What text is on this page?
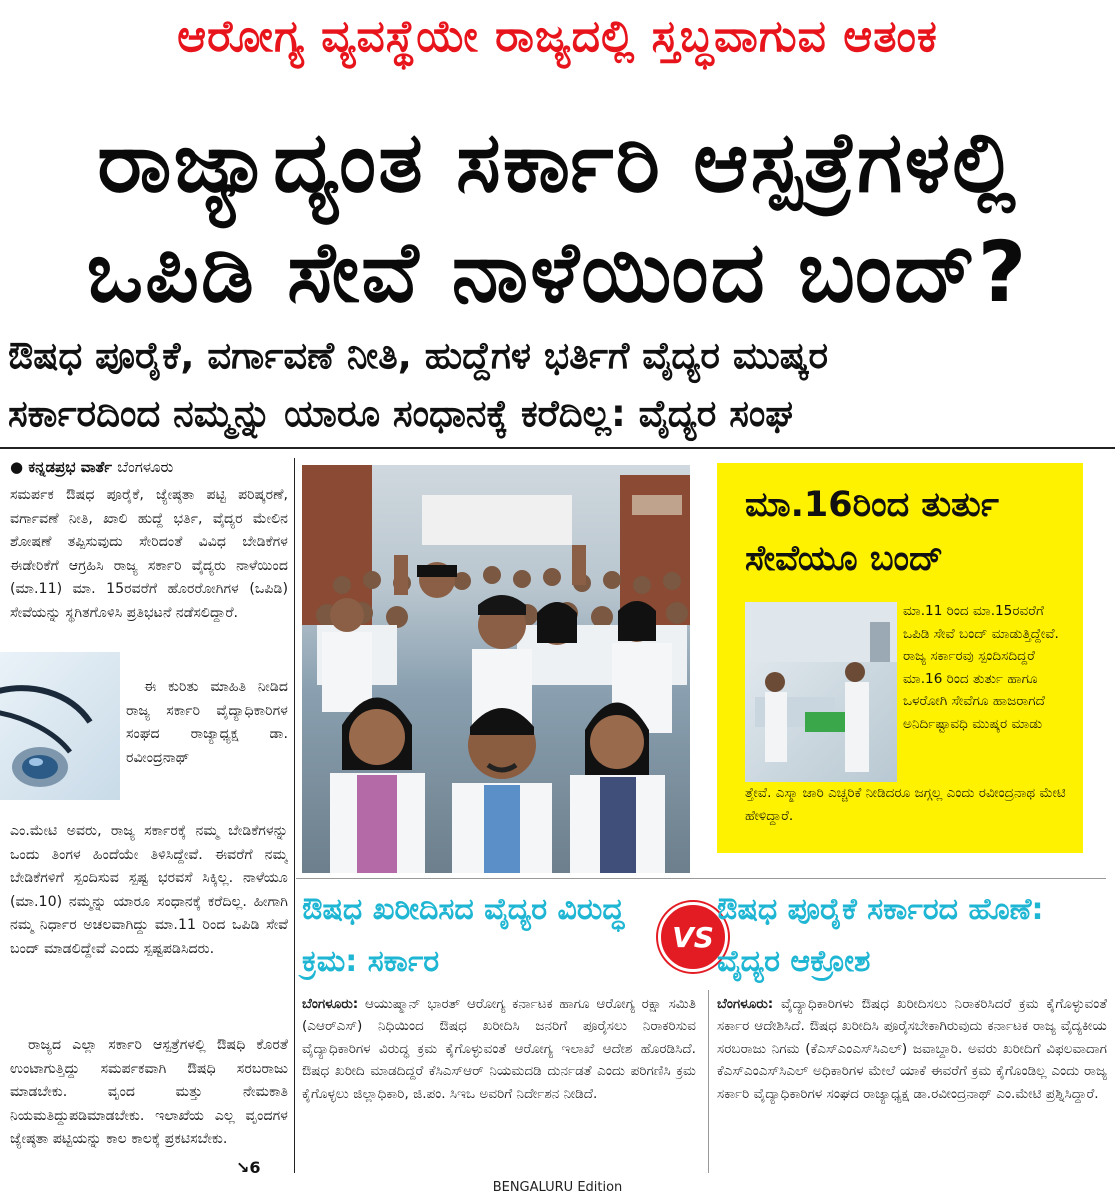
ಆರೋಗ್ಯ ವ್ಯವಸ್ಥೆಯೇ ರಾಜ್ಯದಲ್ಲಿ ಸ್ತಬ್ಧವಾಗುವ ಆತಂಕ
ರಾಜ್ಯಾದ್ಯಂತ ಸರ್ಕಾರಿ ಆಸ್ಪತ್ರೆಗಳಲ್ಲಿ
ಒಪಿಡಿ ಸೇವೆ ನಾಳೆಯಿಂದ ಬಂದ್?
ಔಷಧ ಪೂರೈಕೆ, ವರ್ಗಾವಣೆ ನೀತಿ, ಹುದ್ದೆಗಳ ಭರ್ತಿಗೆ ವೈದ್ಯರ ಮುಷ್ಕರ
ಸರ್ಕಾರದಿಂದ ನಮ್ಮನ್ನು ಯಾರೂ ಸಂಧಾನಕ್ಕೆ ಕರೆದಿಲ್ಲ: ವೈದ್ಯರ ಸಂಘ
● ಕನ್ನಡಪ್ರಭ ವಾರ್ತೆ ಬೆಂಗಳೂರು

ಸಮರ್ಪಕ ಔಷಧ ಪೂರೈಕೆ, ಜ್ಯೇಷ್ಠತಾ ಪಟ್ಟಿ ಪರಿಷ್ಕರಣೆ, ವರ್ಗಾವಣೆ ನೀತಿ, ಖಾಲಿ ಹುದ್ದೆ ಭರ್ತಿ, ವೈದ್ಯರ ಮೇಲಿನ ಶೋಷಣೆ ತಪ್ಪಿಸುವುದು ಸೇರಿದಂತೆ ವಿವಿಧ ಬೇಡಿಕೆಗಳ ಈಡೇರಿಕೆಗೆ ಆಗ್ರಹಿಸಿ ರಾಜ್ಯ ಸರ್ಕಾರಿ ವೈದ್ಯರು ನಾಳೆಯಿಂದ (ಮಾ.11) ಮಾ. 15ರವರೆಗೆ ಹೊರರೋಗಿಗಳ (ಒಪಿಡಿ) ಸೇವೆಯನ್ನು ಸ್ಥಗಿತಗೊಳಿಸಿ ಪ್ರತಿಭಟನೆ ನಡೆಸಲಿದ್ದಾರೆ.

ಈ ಕುರಿತು ಮಾಹಿತಿ ನೀಡಿದ ರಾಜ್ಯ ಸರ್ಕಾರಿ ವೈದ್ಯಾಧಿಕಾರಿಗಳ ಸಂಘದ ರಾಜ್ಯಾಧ್ಯಕ್ಷ ಡಾ. ರವೀಂದ್ರನಾಥ್

ಎಂ.ಮೇಟಿ ಅವರು, ರಾಜ್ಯ ಸರ್ಕಾರಕ್ಕೆ ನಮ್ಮ ಬೇಡಿಕೆಗಳನ್ನು ಒಂದು ತಿಂಗಳ ಹಿಂದೆಯೇ ತಿಳಿಸಿದ್ದೇವೆ. ಈವರೆಗೆ ನಮ್ಮ ಬೇಡಿಕೆಗಳಿಗೆ ಸ್ಪಂದಿಸುವ ಸ್ಪಷ್ಟ ಭರವಸೆ ಸಿಕ್ಕಿಲ್ಲ. ನಾಳೆಯೂ (ಮಾ.10) ನಮ್ಮನ್ನು ಯಾರೂ ಸಂಧಾನಕ್ಕೆ ಕರೆದಿಲ್ಲ. ಹೀಗಾಗಿ ನಮ್ಮ ನಿರ್ಧಾರ ಅಚಲವಾಗಿದ್ದು ಮಾ.11 ರಿಂದ ಒಪಿಡಿ ಸೇವೆ ಬಂದ್ ಮಾಡಲಿದ್ದೇವೆ ಎಂದು ಸ್ಪಷ್ಟಪಡಿಸಿದರು.

ರಾಜ್ಯದ ಎಲ್ಲಾ ಸರ್ಕಾರಿ ಆಸ್ಪತ್ರೆಗಳಲ್ಲಿ ಔಷಧಿ ಕೊರತೆ ಉಂಟಾಗುತ್ತಿದ್ದು ಸಮರ್ಪಕವಾಗಿ ಔಷಧಿ ಸರಬರಾಜು ಮಾಡಬೇಕು. ವೃಂದ ಮತ್ತು ನೇಮಕಾತಿ ನಿಯಮತಿದ್ದುಪಡಿಮಾಡಬೇಕು. ಇಲಾಖೆಯ ಎಲ್ಲ ವೃಂದಗಳ ಜ್ಯೇಷ್ಠತಾ ಪಟ್ಟಿಯನ್ನು ಕಾಲ ಕಾಲಕ್ಕೆ ಪ್ರಕಟಿಸಬೇಕು.

↘6
ಮಾ.16ರಿಂದ ತುರ್ತು ಸೇವೆಯೂ ಬಂದ್
ಮಾ.11 ರಿಂದ ಮಾ.15ರವರೆಗೆ ಒಪಿಡಿ ಸೇವೆ ಬಂದ್ ಮಾಡುತ್ತಿದ್ದೇವೆ. ರಾಜ್ಯ ಸರ್ಕಾರವು ಸ್ಪಂದಿಸದಿದ್ದರೆ ಮಾ.16 ರಿಂದ ತುರ್ತು ಹಾಗೂ ಒಳರೋಗಿ ಸೇವೆಗೂ ಹಾಜರಾಗದೆ ಅನಿರ್ದಿಷ್ಟಾವಧಿ ಮುಷ್ಕರ ಮಾಡು
ತ್ತೇವೆ. ಎಸ್ಮಾ ಜಾರಿ ಎಚ್ಚರಿಕೆ ನೀಡಿದರೂ ಜಗ್ಗಲ್ಲ ಎಂದು ರವೀಂದ್ರನಾಥ ಮೇಟಿ ಹೇಳಿದ್ದಾರೆ.
ಔಷಧ ಖರೀದಿಸದ ವೈದ್ಯರ ವಿರುದ್ಧ ಕ್ರಮ: ಸರ್ಕಾರ
ಬೆಂಗಳೂರು: ಆಯುಷ್ಮಾನ್ ಭಾರತ್ ಆರೋಗ್ಯ ಕರ್ನಾಟಕ ಹಾಗೂ ಆರೋಗ್ಯ ರಕ್ಷಾ ಸಮಿತಿ (ಎಆರ್‌ಎಸ್) ನಿಧಿಯಿಂದ ಔಷಧ ಖರೀದಿಸಿ ಜನರಿಗೆ ಪೂರೈಸಲು ನಿರಾಕರಿಸುವ ವೈದ್ಯಾಧಿಕಾರಿಗಳ ವಿರುದ್ಧ ಕ್ರಮ ಕೈಗೊಳ್ಳುವಂತೆ ಆರೋಗ್ಯ ಇಲಾಖೆ ಆದೇಶ ಹೊರಡಿಸಿದೆ. ಔಷಧ ಖರೀದಿ ಮಾಡದಿದ್ದರೆ ಕೆಸಿಎಸ್‌ಆರ್ ನಿಯಮದಡಿ ದುರ್ನಡತೆ ಎಂದು ಪರಿಗಣಿಸಿ ಕ್ರಮ ಕೈಗೊಳ್ಳಲು ಜಿಲ್ಲಾಧಿಕಾರಿ, ಜಿ.ಪಂ. ಸಿಇಒ ಅವರಿಗೆ ನಿರ್ದೇಶನ ನೀಡಿದೆ.
VS
ಔಷಧ ಪೂರೈಕೆ ಸರ್ಕಾರದ ಹೊಣೆ: ವೈದ್ಯರ ಆಕ್ರೋಶ
ಬೆಂಗಳೂರು: ವೈದ್ಯಾಧಿಕಾರಿಗಳು ಔಷಧ ಖರೀದಿಸಲು ನಿರಾಕರಿಸಿದರೆ ಕ್ರಮ ಕೈಗೊಳ್ಳುವಂತೆ ಸರ್ಕಾರ ಆದೇಶಿಸಿದೆ. ಔಷಧ ಖರೀದಿಸಿ ಪೂರೈಸಬೇಕಾಗಿರುವುದು ಕರ್ನಾಟಕ ರಾಜ್ಯ ವೈದ್ಯಕೀಯ ಸರಬರಾಜು ನಿಗಮ (ಕೆಎಸ್‌ಎಂಎಸ್‌ಸಿಎಲ್) ಜವಾಬ್ದಾರಿ. ಅವರು ಖರೀದಿಗೆ ವಿಫಲವಾದಾಗ ಕೆಎಸ್‌ಎಂಎಸ್‌ಸಿಎಲ್ ಅಧಿಕಾರಿಗಳ ಮೇಲೆ ಯಾಕೆ ಈವರೆಗೆ ಕ್ರಮ ಕೈಗೊಂಡಿಲ್ಲ ಎಂದು ರಾಜ್ಯ ಸರ್ಕಾರಿ ವೈದ್ಯಾಧಿಕಾರಿಗಳ ಸಂಘದ ರಾಜ್ಯಾಧ್ಯಕ್ಷ ಡಾ.ರವೀಂದ್ರನಾಥ್ ಎಂ.ಮೇಟಿ ಪ್ರಶ್ನಿಸಿದ್ದಾರೆ.
BENGALURU Edition
